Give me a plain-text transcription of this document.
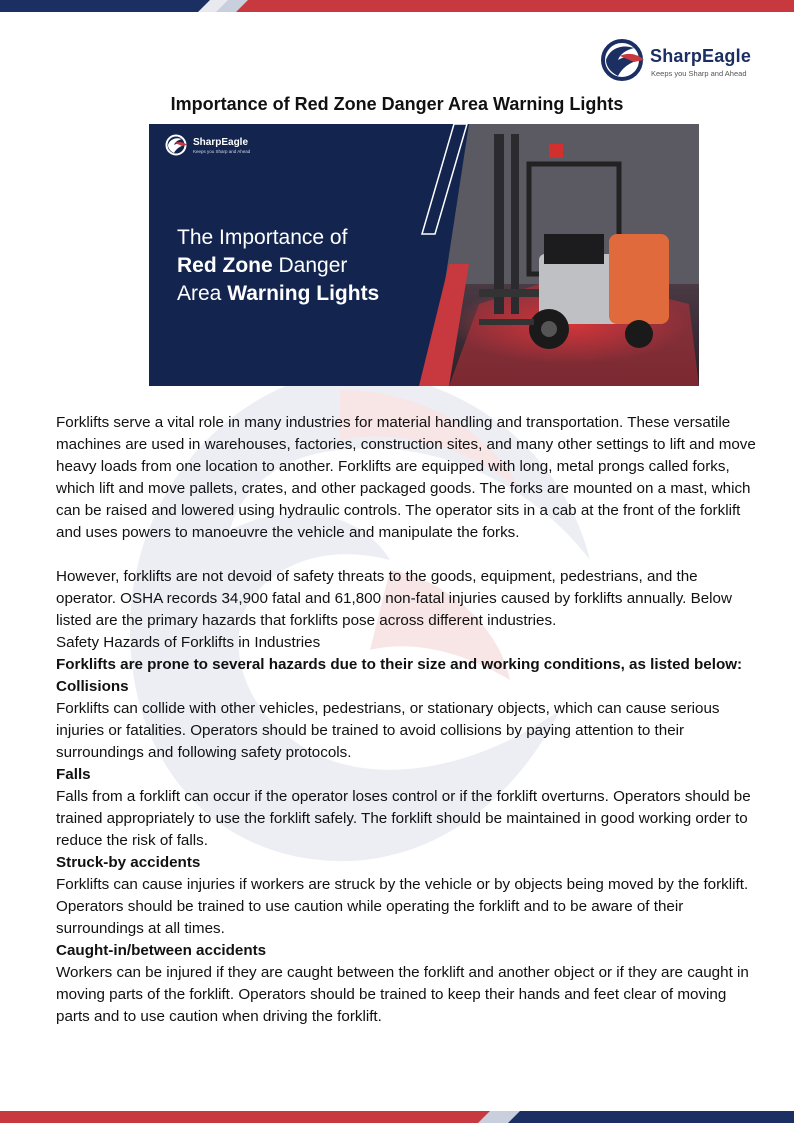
SharpEagle
Keeps you Sharp and Ahead
Importance of Red Zone Danger Area Warning Lights
SharpEagle
Keeps you Sharp and Ahead
The Importance of
Red Zone Danger
Area Warning Lights

Forklifts serve a vital role in many industries for material handling and transportation. These versatile machines are used in warehouses, factories, construction sites, and many other settings to lift and move heavy loads from one location to another. Forklifts are equipped with long, metal prongs called forks, which lift and move pallets, crates, and other packaged goods. The forks are mounted on a mast, which can be raised and lowered using hydraulic controls. The operator sits in a cab at the front of the forklift and uses powers to manoeuvre the vehicle and manipulate the forks.

However, forklifts are not devoid of safety threats to the goods, equipment, pedestrians, and the operator. OSHA records 34,900 fatal and 61,800 non-fatal injuries caused by forklifts annually. Below listed are the primary hazards that forklifts pose across different industries.

Safety Hazards of Forklifts in Industries

Forklifts are prone to several hazards due to their size and working conditions, as listed below:

Collisions

Forklifts can collide with other vehicles, pedestrians, or stationary objects, which can cause serious injuries or fatalities. Operators should be trained to avoid collisions by paying attention to their surroundings and following safety protocols.

Falls

Falls from a forklift can occur if the operator loses control or if the forklift overturns. Operators should be trained appropriately to use the forklift safely. The forklift should be maintained in good working order to reduce the risk of falls.

Struck-by accidents

Forklifts can cause injuries if workers are struck by the vehicle or by objects being moved by the forklift. Operators should be trained to use caution while operating the forklift and to be aware of their surroundings at all times.

Caught-in/between accidents

Workers can be injured if they are caught between the forklift and another object or if they are caught in moving parts of the forklift. Operators should be trained to keep their hands and feet clear of moving parts and to use caution when driving the forklift.
